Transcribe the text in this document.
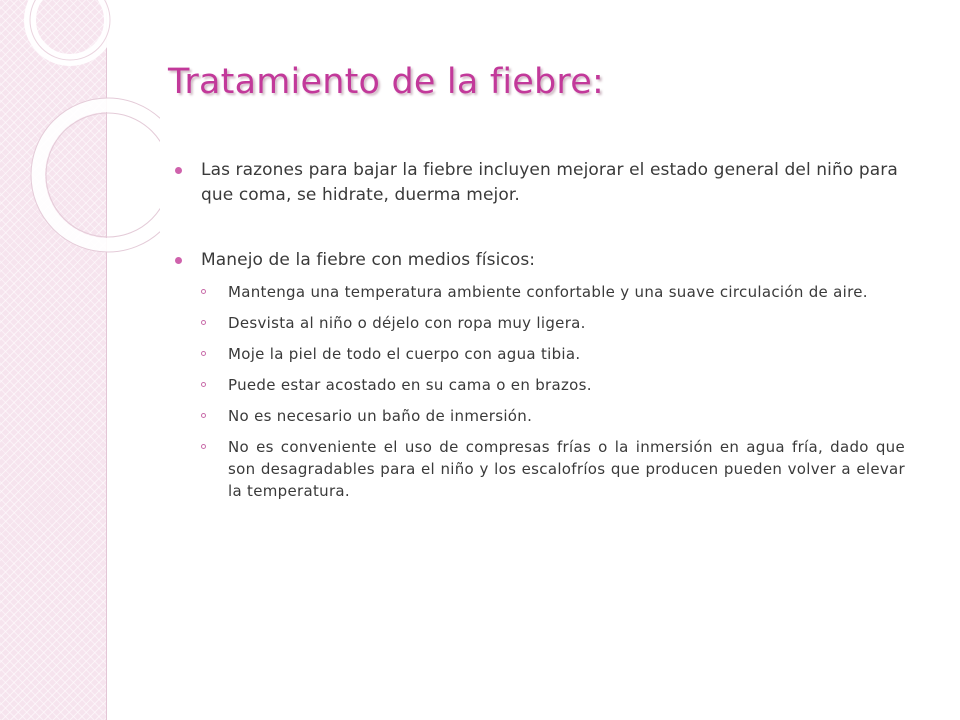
Tratamiento de la fiebre:
Las razones para bajar la fiebre incluyen mejorar el estado general del niño para que coma, se hidrate, duerma mejor.
Manejo de la fiebre con medios físicos:
Mantenga una temperatura ambiente confortable y una suave circulación de aire.
Desvista al niño o déjelo con ropa muy ligera.
Moje la piel de todo el cuerpo con agua tibia.
Puede estar acostado en su cama o en brazos.
No es necesario un baño de inmersión.
No es conveniente el uso de compresas frías o la inmersión en agua fría, dado que son desagradables para el niño y los escalofríos que producen pueden volver a elevar la temperatura.
